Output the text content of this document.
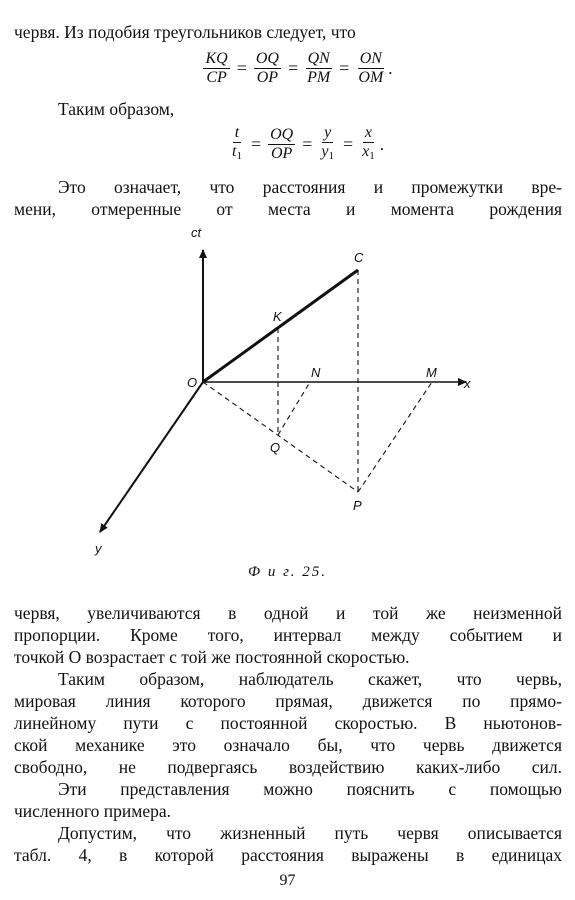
червя. Из подобия треугольников следует, что
$\frac{KQ}{CP} = \frac{OQ}{OP} = \frac{QN}{PM} = \frac{ON}{OM}$ .
Таким образом,
$\frac{t}{t_1} = \frac{OQ}{OP} = \frac{y}{y_1} = \frac{x}{x_1}$ .
Это означает, что расстояния и промежутки вре-
мени, отмеренные от места и момента рождения
ct
C
K
O
N	M
x
Q
P
y
Ф и г. 25.
червя, увеличиваются в одной и той же неизменной
пропорции. Кроме того, интервал между событием и
точкой O возрастает с той же постоянной скоростью.
Таким образом, наблюдатель скажет, что червь,
мировая линия которого прямая, движется по прямо-
линейному пути с постоянной скоростью. В ньютонов-
ской механике это означало бы, что червь движется
свободно, не подвергаясь воздействию каких-либо сил.
Эти представления можно пояснить с помощью
численного примера.
Допустим, что жизненный путь червя описывается
табл. 4, в которой расстояния выражены в единицах
97
